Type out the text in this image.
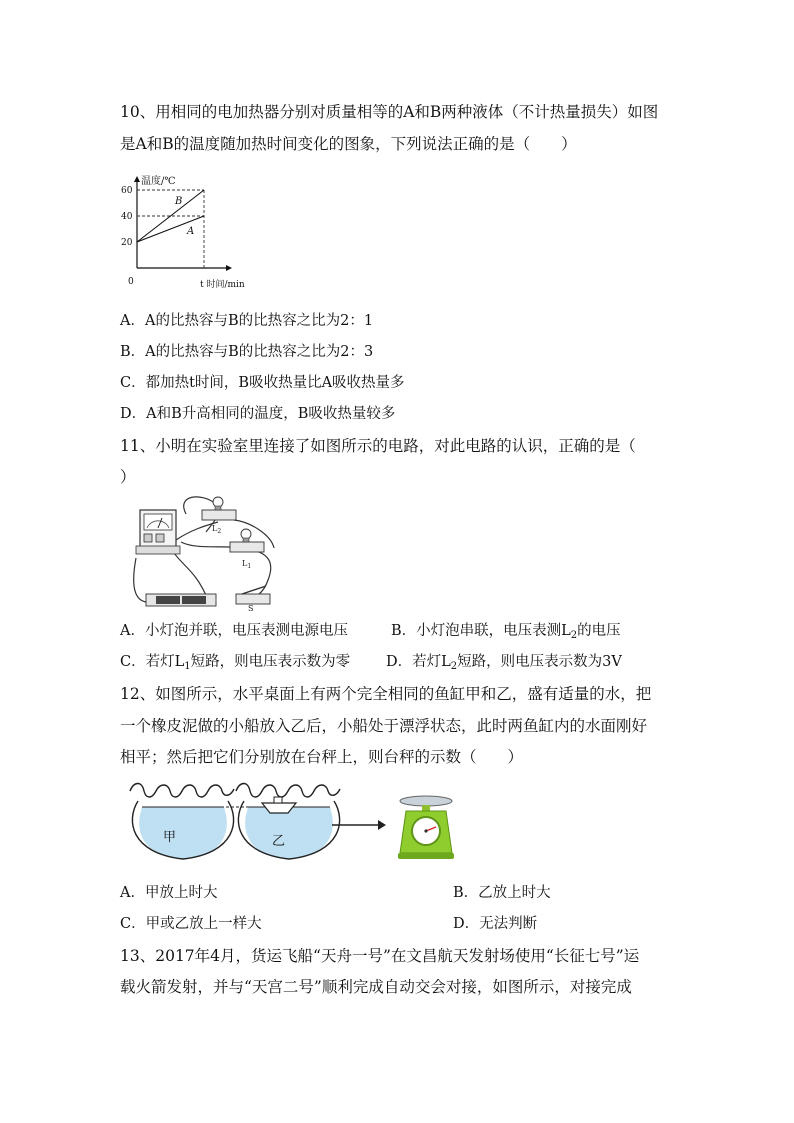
10、用相同的电加热器分别对质量相等的A和B两种液体（不计热量损失）如图
是A和B的温度随加热时间变化的图象，下列说法正确的是（　　）
20
40
60
B
A
温度/℃
t 时间/min
0
A．A的比热容与B的比热容之比为2：1
B．A的比热容与B的比热容之比为2：3
C．都加热t时间，B吸收热量比A吸收热量多
D．A和B升高相同的温度，B吸收热量较多
11、小明在实验室里连接了如图所示的电路，对此电路的认识，正确的是（
）
$L_2$
$L_1$
S
A．小灯泡并联，电压表测电源电压	B．小灯泡串联，电压表测$L_2$的电压
C．若灯$L_1$短路，则电压表示数为零 D．若灯$L_2$短路，则电压表示数为3V
12、如图所示，水平桌面上有两个完全相同的鱼缸甲和乙，盛有适量的水，把
一个橡皮泥做的小船放入乙后，小船处于漂浮状态，此时两鱼缸内的水面刚好
相平；然后把它们分别放在台秤上，则台秤的示数（　　）
甲	乙
A．甲放上时大	B．乙放上时大
C．甲或乙放上一样大	D．无法判断
13、2017年4月，货运飞船“天舟一号”在文昌航天发射场使用“长征七号”运
载火箭发射，并与“天宫二号”顺利完成自动交会对接，如图所示，对接完成
